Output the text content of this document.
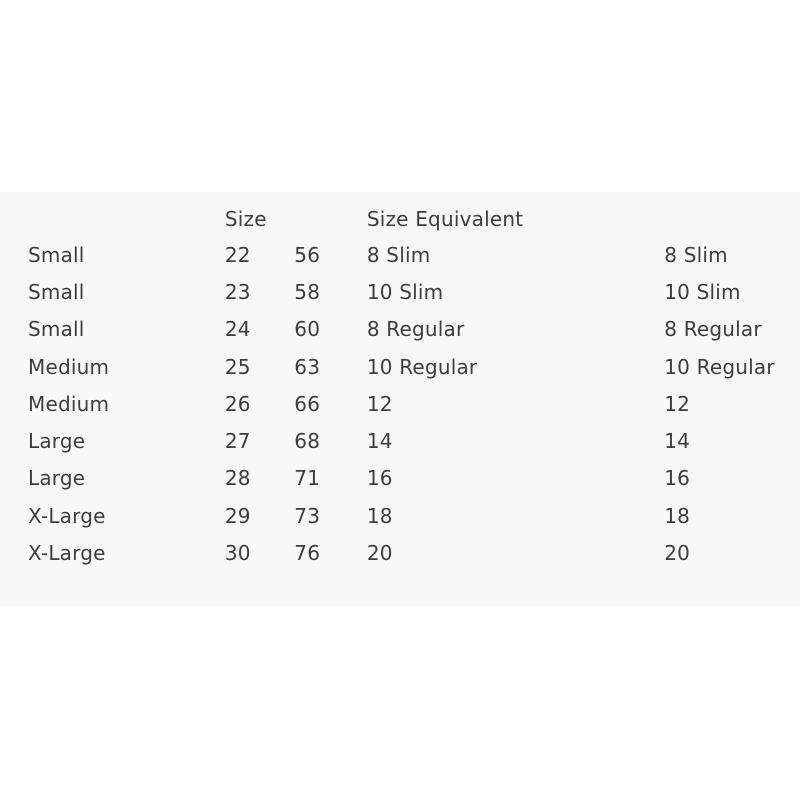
	Size		Size Equivalent	
Small	22	56	8 Slim	8 Slim
Small	23	58	10 Slim	10 Slim
Small	24	60	8 Regular	8 Regular
Medium	25	63	10 Regular	10 Regular
Medium	26	66	12	12
Large	27	68	14	14
Large	28	71	16	16
X-Large	29	73	18	18
X-Large	30	76	20	20
